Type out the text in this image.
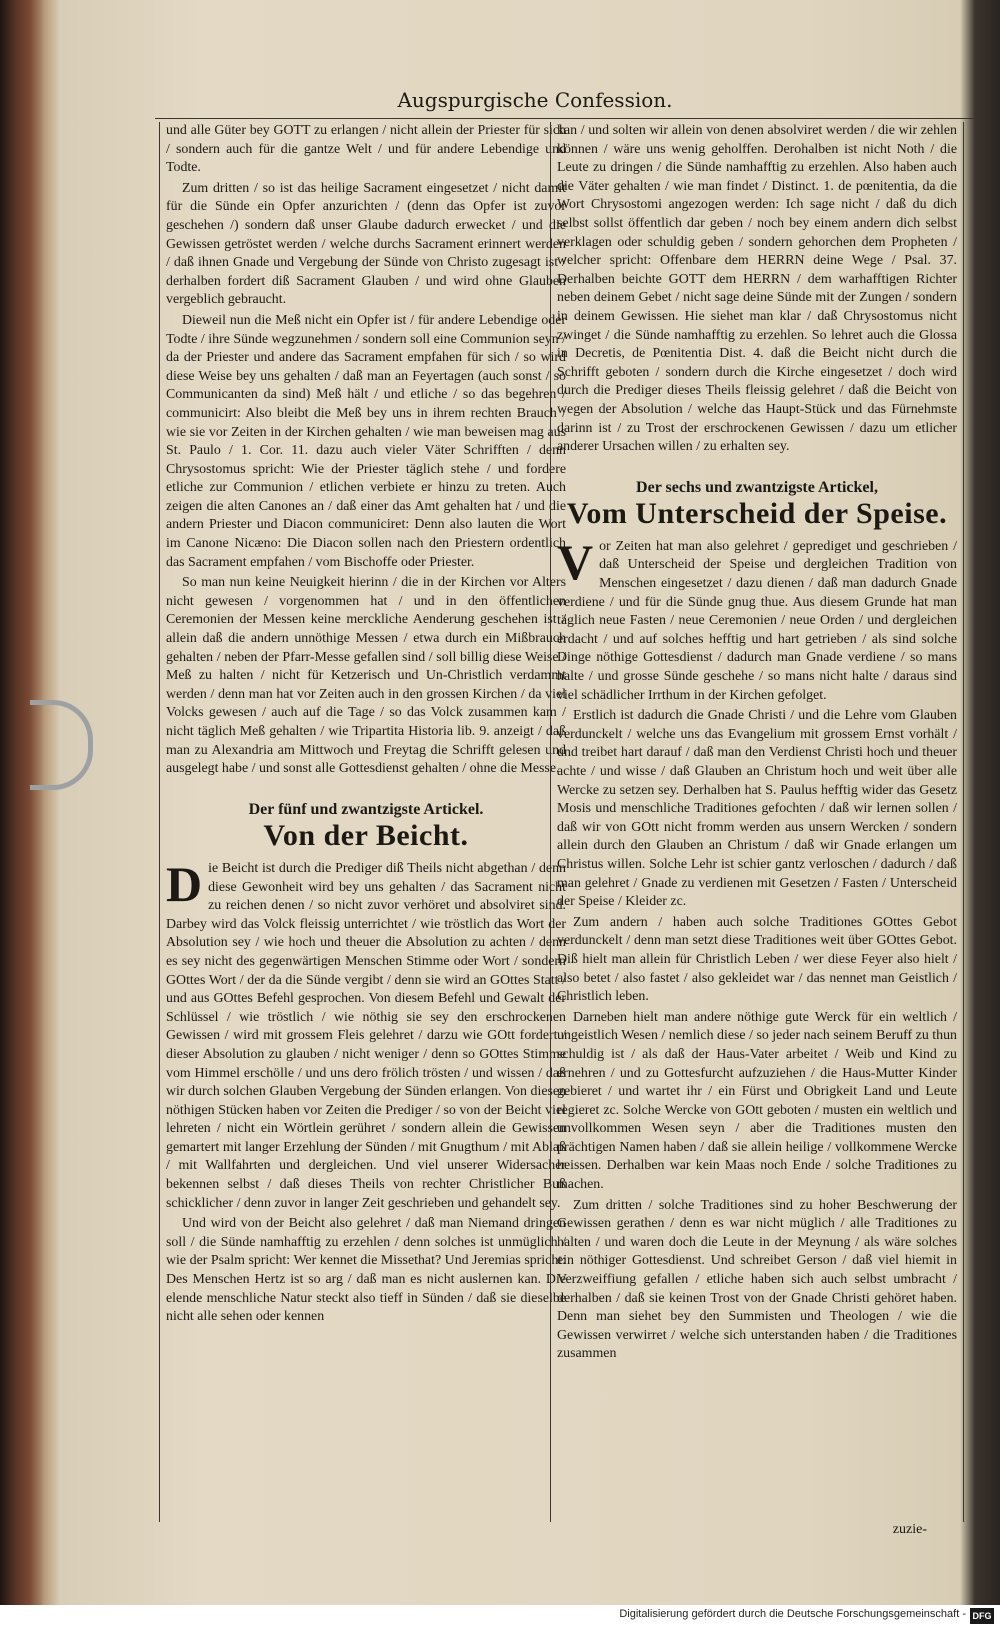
Augspurgische Confession.

und alle Güter bey GOTT zu erlangen / nicht allein der Priester für sich / sondern auch für die gantze Welt / und für andere Lebendige und Todte.

Zum dritten / so ist das heilige Sacrament eingesetzet / nicht damit für die Sünde ein Opfer anzurichten / (denn das Opfer ist zuvor geschehen /) sondern daß unser Glaube dadurch erwecket / und die Gewissen getröstet werden / welche durchs Sacrament erinnert werden / daß ihnen Gnade und Vergebung der Sünde von Christo zugesagt ist / derhalben fordert diß Sacrament Glauben / und wird ohne Glauben vergeblich gebraucht.

Dieweil nun die Meß nicht ein Opfer ist / für andere Lebendige oder Todte / ihre Sünde wegzunehmen / sondern soll eine Communion seyn / da der Priester und andere das Sacrament empfahen für sich / so wird diese Weise bey uns gehalten / daß man an Feyertagen (auch sonst / so Communicanten da sind) Meß hält / und etliche / so das begehren / communicirt: Also bleibt die Meß bey uns in ihrem rechten Brauch / wie sie vor Zeiten in der Kirchen gehalten / wie man beweisen mag aus St. Paulo / 1. Cor. 11. dazu auch vieler Väter Schrifften / denn Chrysostomus spricht: Wie der Priester täglich stehe / und fordere etliche zur Communion / etlichen verbiete er hinzu zu treten. Auch zeigen die alten Canones an / daß einer das Amt gehalten hat / und die andern Priester und Diacon communiciret: Denn also lauten die Wort im Canone Nicæno: Die Diacon sollen nach den Priestern ordentlich das Sacrament empfahen / vom Bischoffe oder Priester.

So man nun keine Neuigkeit hierinn / die in der Kirchen vor Alters nicht gewesen / vorgenommen hat / und in den öffentlichen Ceremonien der Messen keine merckliche Aenderung geschehen ist / allein daß die andern unnöthige Messen / etwa durch ein Mißbrauch gehalten / neben der Pfarr-Messe gefallen sind / soll billig diese Weise / Meß zu halten / nicht für Ketzerisch und Un-Christlich verdammt werden / denn man hat vor Zeiten auch in den grossen Kirchen / da viel Volcks gewesen / auch auf die Tage / so das Volck zusammen kam / nicht täglich Meß gehalten / wie Tripartita Historia lib. 9. anzeigt / daß man zu Alexandria am Mittwoch und Freytag die Schrifft gelesen und ausgelegt habe / und sonst alle Gottesdienst gehalten / ohne die Messe.

Der fünf und zwantzigste Artickel.
Von der Beicht.

Die Beicht ist durch die Prediger diß Theils nicht abgethan / denn diese Gewonheit wird bey uns gehalten / das Sacrament nicht zu reichen denen / so nicht zuvor verhöret und absolviret sind. Darbey wird das Volck fleissig unterrichtet / wie tröstlich das Wort der Absolution sey / wie hoch und theuer die Absolution zu achten / denn es sey nicht des gegenwärtigen Menschen Stimme oder Wort / sondern GOttes Wort / der da die Sünde vergibt / denn sie wird an GOttes Statt / und aus GOttes Befehl gesprochen. Von diesem Befehl und Gewalt der Schlüssel / wie tröstlich / wie nöthig sie sey den erschrockenen Gewissen / wird mit grossem Fleis gelehret / darzu wie GOtt fordert / dieser Absolution zu glauben / nicht weniger / denn so GOttes Stimme vom Himmel erschölle / und uns dero frölich trösten / und wissen / daß wir durch solchen Glauben Vergebung der Sünden erlangen. Von diesen nöthigen Stücken haben vor Zeiten die Prediger / so von der Beicht viel lehreten / nicht ein Wörtlein gerühret / sondern allein die Gewissen gemartert mit langer Erzehlung der Sünden / mit Gnugthum / mit Ablaß / mit Wallfahrten und dergleichen. Und viel unserer Widersacher bekennen selbst / daß dieses Theils von rechter Christlicher Buß schicklicher / denn zuvor in langer Zeit geschrieben und gehandelt sey.

Und wird von der Beicht also gelehret / daß man Niemand dringen soll / die Sünde namhafftig zu erzehlen / denn solches ist unmüglich / wie der Psalm spricht: Wer kennet die Missethat? Und Jeremias spricht: Des Menschen Hertz ist so arg / daß man es nicht auslernen kan. Die elende menschliche Natur steckt also tieff in Sünden / daß sie dieselbe nicht alle sehen oder kennen

kan / und solten wir allein von denen absolviret werden / die wir zehlen können / wäre uns wenig geholffen. Derohalben ist nicht Noth / die Leute zu dringen / die Sünde namhafftig zu erzehlen. Also haben auch die Väter gehalten / wie man findet / Distinct. 1. de pœnitentia, da die Wort Chrysostomi angezogen werden: Ich sage nicht / daß du dich selbst sollst öffentlich dar geben / noch bey einem andern dich selbst verklagen oder schuldig geben / sondern gehorchen dem Propheten / welcher spricht: Offenbare dem HERRN deine Wege / Psal. 37. Derhalben beichte GOTT dem HERRN / dem warhafftigen Richter neben deinem Gebet / nicht sage deine Sünde mit der Zungen / sondern in deinem Gewissen. Hie siehet man klar / daß Chrysostomus nicht zwinget / die Sünde namhafftig zu erzehlen. So lehret auch die Glossa in Decretis, de Pœnitentia Dist. 4. daß die Beicht nicht durch die Schrifft geboten / sondern durch die Kirche eingesetzet / doch wird durch die Prediger dieses Theils fleissig gelehret / daß die Beicht von wegen der Absolution / welche das Haupt-Stück und das Fürnehmste darinn ist / zu Trost der erschrockenen Gewissen / dazu um etlicher anderer Ursachen willen / zu erhalten sey.

Der sechs und zwantzigste Artickel,
Vom Unterscheid der Speise.

Vor Zeiten hat man also gelehret / geprediget und geschrieben / daß Unterscheid der Speise und dergleichen Tradition von Menschen eingesetzet / dazu dienen / daß man dadurch Gnade verdiene / und für die Sünde gnug thue. Aus diesem Grunde hat man täglich neue Fasten / neue Ceremonien / neue Orden / und dergleichen erdacht / und auf solches hefftig und hart getrieben / als sind solche Dinge nöthige Gottesdienst / dadurch man Gnade verdiene / so mans halte / und grosse Sünde geschehe / so mans nicht halte / daraus sind viel schädlicher Irrthum in der Kirchen gefolget.

Erstlich ist dadurch die Gnade Christi / und die Lehre vom Glauben verdunckelt / welche uns das Evangelium mit grossem Ernst vorhält / und treibet hart darauf / daß man den Verdienst Christi hoch und theuer achte / und wisse / daß Glauben an Christum hoch und weit über alle Wercke zu setzen sey. Derhalben hat S. Paulus hefftig wider das Gesetz Mosis und menschliche Traditiones gefochten / daß wir lernen sollen / daß wir von GOtt nicht fromm werden aus unsern Wercken / sondern allein durch den Glauben an Christum / daß wir Gnade erlangen um Christus willen. Solche Lehr ist schier gantz verloschen / dadurch / daß man gelehret / Gnade zu verdienen mit Gesetzen / Fasten / Unterscheid der Speise / Kleider zc.

Zum andern / haben auch solche Traditiones GOttes Gebot verdunckelt / denn man setzt diese Traditiones weit über GOttes Gebot. Diß hielt man allein für Christlich Leben / wer diese Feyer also hielt / also betet / also fastet / also gekleidet war / das nennet man Geistlich / Christlich leben.

Darneben hielt man andere nöthige gute Werck für ein weltlich / ungeistlich Wesen / nemlich diese / so jeder nach seinem Beruff zu thun schuldig ist / als daß der Haus-Vater arbeitet / Weib und Kind zu ernehren / und zu Gottesfurcht aufzuziehen / die Haus-Mutter Kinder gebieret / und wartet ihr / ein Fürst und Obrigkeit Land und Leute regieret zc. Solche Wercke von GOtt geboten / musten ein weltlich und unvollkommen Wesen seyn / aber die Traditiones musten den prächtigen Namen haben / daß sie allein heilige / vollkommene Wercke heissen. Derhalben war kein Maas noch Ende / solche Traditiones zu machen.

Zum dritten / solche Traditiones sind zu hoher Beschwerung der Gewissen gerathen / denn es war nicht müglich / alle Traditiones zu halten / und waren doch die Leute in der Meynung / als wäre solches ein nöthiger Gottesdienst. Und schreibet Gerson / daß viel hiemit in Verzweiffiung gefallen / etliche haben sich auch selbst umbracht / derhalben / daß sie keinen Trost von der Gnade Christi gehöret haben. Denn man siehet bey den Summisten und Theologen / wie die Gewissen verwirret / welche sich unterstanden haben / die Traditiones zusammen

zuzie-
Digitalisierung gefördert durch die Deutsche Forschungsgemeinschaft - DFG
